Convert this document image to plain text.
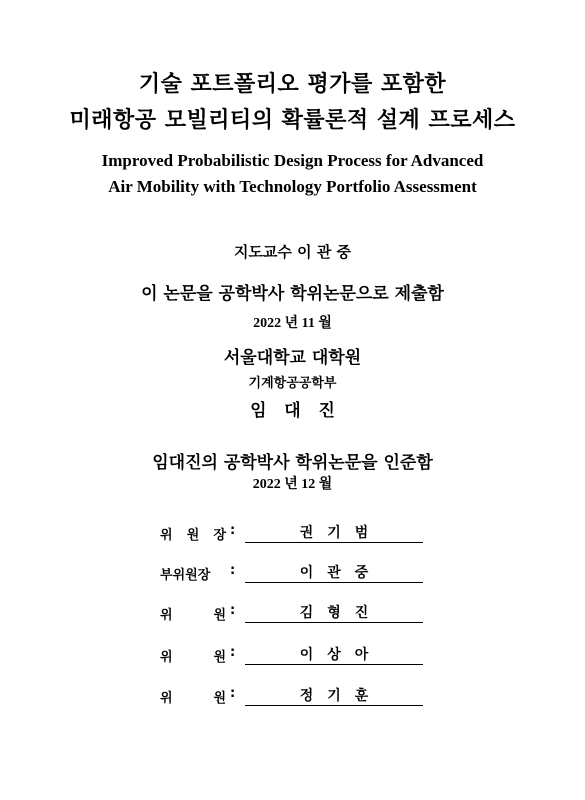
기술 포트폴리오 평가를 포함한
미래항공 모빌리티의 확률론적 설계 프로세스
Improved Probabilistic Design Process for Advanced
Air Mobility with Technology Portfolio Assessment
지도교수 이 관 중
이 논문을 공학박사 학위논문으로 제출함
2022 년 11 월
서울대학교 대학원
기계항공공학부
임   대   진
임대진의 공학박사 학위논문을 인준함
2022 년 12 월
위 원 장 :	권기범
부 위 원 장 :	이관중
위	원 :	김형진
위	원 :	이상아
위	원 :	정기훈
